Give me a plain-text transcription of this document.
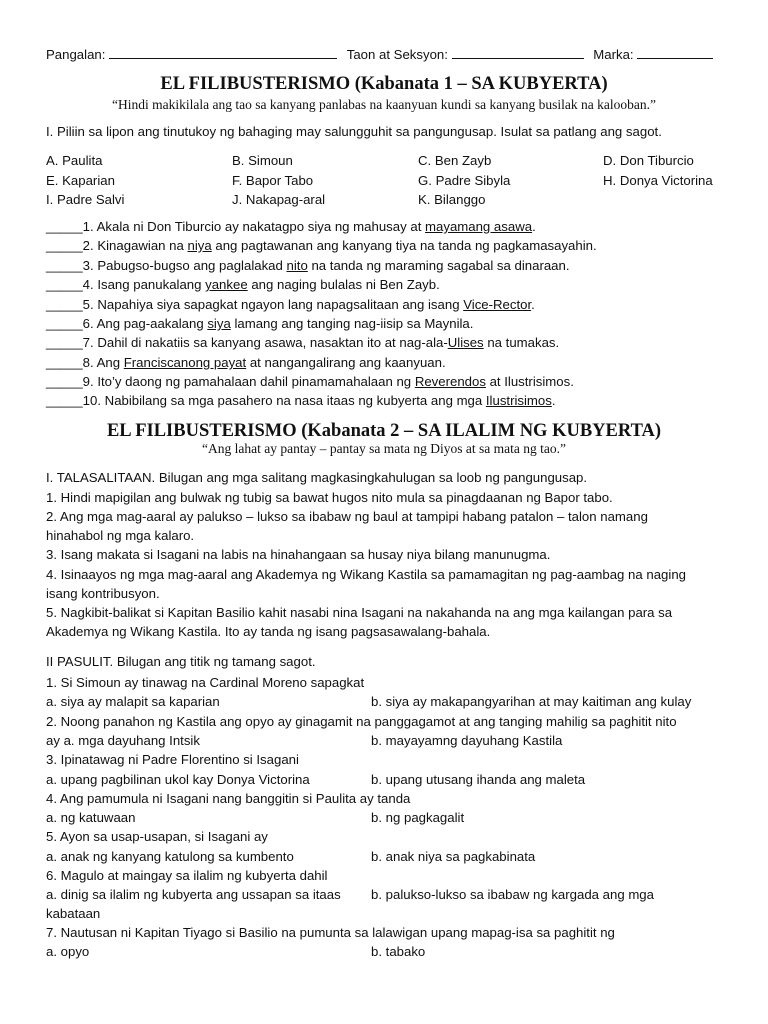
Pangalan:	Taon at Seksyon:	Marka:
EL FILIBUSTERISMO (Kabanata 1 – SA KUBYERTA)
“Hindi makikilala ang tao sa kanyang panlabas na kaanyuan kundi sa kanyang busilak na kalooban.”
I. Piliin sa lipon ang tinutukoy ng bahaging may salungguhit sa pangungusap. Isulat sa patlang ang sagot.
A. Paulita	B. Simoun	C. Ben Zayb	D. Don Tiburcio
E. Kaparian	F. Bapor Tabo	G. Padre Sibyla	H. Donya Victorina
I. Padre Salvi	J. Nakapag-aral	K. Bilanggo
_____1. Akala ni Don Tiburcio ay nakatagpo siya ng mahusay at mayamang asawa.
_____2. Kinagawian na niya ang pagtawanan ang kanyang tiya na tanda ng pagkamasayahin.
_____3. Pabugso-bugso ang paglalakad nito na tanda ng maraming sagabal sa dinaraan.
_____4. Isang panukalang yankee ang naging bulalas ni Ben Zayb.
_____5. Napahiya siya sapagkat ngayon lang napagsalitaan ang isang Vice-Rector.
_____6. Ang pag-aakalang siya lamang ang tanging nag-iisip sa Maynila.
_____7. Dahil di nakatiis sa kanyang asawa, nasaktan ito at nag-ala-Ulises na tumakas.
_____8. Ang Franciscanong payat at nangangalirang ang kaanyuan.
_____9. Ito’y daong ng pamahalaan dahil pinamamahalaan ng Reverendos at Ilustrisimos.
_____10. Nabibilang sa mga pasahero na nasa itaas ng kubyerta ang mga Ilustrisimos.
EL FILIBUSTERISMO (Kabanata 2 – SA ILALIM NG KUBYERTA)
“Ang lahat ay pantay – pantay sa mata ng Diyos at sa mata ng tao.”
I. TALASALITAAN. Bilugan ang mga salitang magkasingkahulugan sa loob ng pangungusap.
1. Hindi mapigilan ang bulwak ng tubig sa bawat hugos nito mula sa pinagdaanan ng Bapor tabo.
2. Ang mga mag-aaral ay palukso – lukso sa ibabaw ng baul at tampipi habang patalon – talon namang
hinahabol ng mga kalaro.
3. Isang makata si Isagani na labis na hinahangaan sa husay niya bilang manunugma.
4. Isinaayos ng mga mag-aaral ang Akademya ng Wikang Kastila sa pamamagitan ng pag-aambag na naging
isang kontribusyon.
5. Nagkibit-balikat si Kapitan Basilio kahit nasabi nina Isagani na nakahanda na ang mga kailangan para sa
Akademya ng Wikang Kastila. Ito ay tanda ng isang pagsasawalang-bahala.
II PASULIT. Bilugan ang titik ng tamang sagot.
1. Si Simoun ay tinawag na Cardinal Moreno sapagkat
a. siya ay malapit sa kaparian	b. siya ay makapangyarihan at may kaitiman ang kulay
2. Noong panahon ng Kastila ang opyo ay ginagamit na panggagamot at ang tanging mahilig sa paghitit nito
ay a. mga dayuhang Intsik	b. mayayamng dayuhang Kastila
3. Ipinatawag ni Padre Florentino si Isagani
a. upang pagbilinan ukol kay Donya Victorina	b. upang utusang ihanda ang maleta
4. Ang pamumula ni Isagani nang banggitin si Paulita ay tanda
a. ng katuwaan	b. ng pagkagalit
5. Ayon sa usap-usapan, si Isagani ay
a. anak ng kanyang katulong sa kumbento	b. anak niya sa pagkabinata
6. Magulo at maingay sa ilalim ng kubyerta dahil
a. dinig sa ilalim ng kubyerta ang ussapan sa itaas b. palukso-lukso sa ibabaw ng kargada ang mga
kabataan
7. Nautusan ni Kapitan Tiyago si Basilio na pumunta sa lalawigan upang mapag-isa sa paghitit ng
a. opyo	b. tabako
